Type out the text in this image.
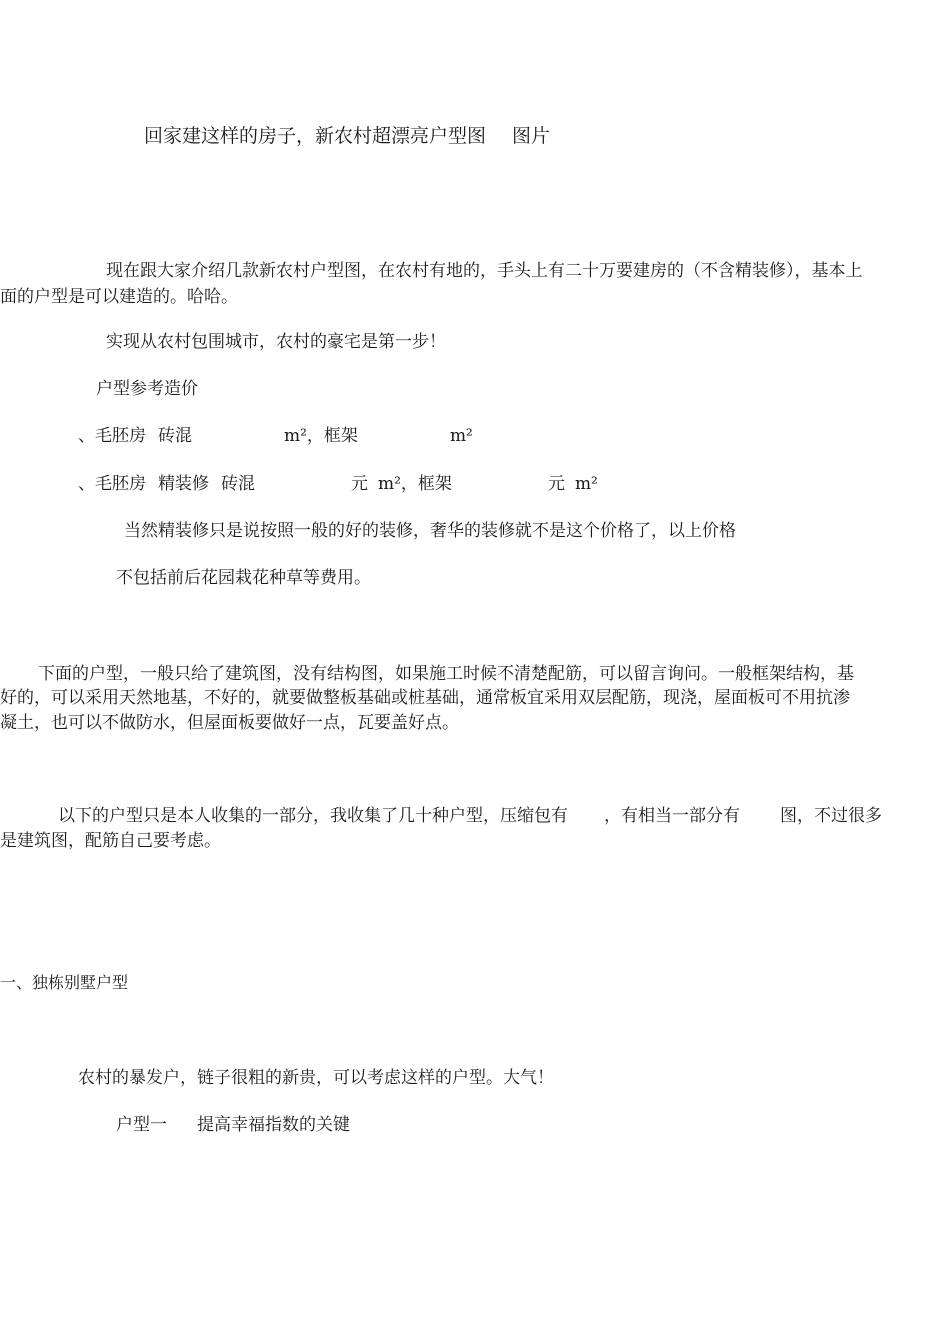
回家建这样的房子，新农村超漂亮户型图 图片
现在跟大家介绍几款新农村户型图，在农村有地的，手头上有二十万要建房的（不含精装修），基本上
面的户型是可以建造的。哈哈。
实现从农村包围城市，农村的豪宅是第一步！
户型参考造价
、毛胚房 砖混	m²，框架	m²
、毛胚房 精装修 砖混	元 m²，框架	元 m²
当然精装修只是说按照一般的好的装修，奢华的装修就不是这个价格了，以上价格
不包括前后花园栽花种草等费用。
下面的户型，一般只给了建筑图，没有结构图，如果施工时候不清楚配筋，可以留言询问。一般框架结构，基
好的，可以采用天然地基，不好的，就要做整板基础或桩基础，通常板宜采用双层配筋，现浇，屋面板可不用抗渗
凝土，也可以不做防水，但屋面板要做好一点，瓦要盖好点。
以下的户型只是本人收集的一部分，我收集了几十种户型，压缩包有 ，有相当一部分有 图，不过很多
是建筑图，配筋自己要考虑。
一、独栋别墅户型
农村的暴发户，链子很粗的新贵，可以考虑这样的户型。大气！
户型一 提高幸福指数的关键
